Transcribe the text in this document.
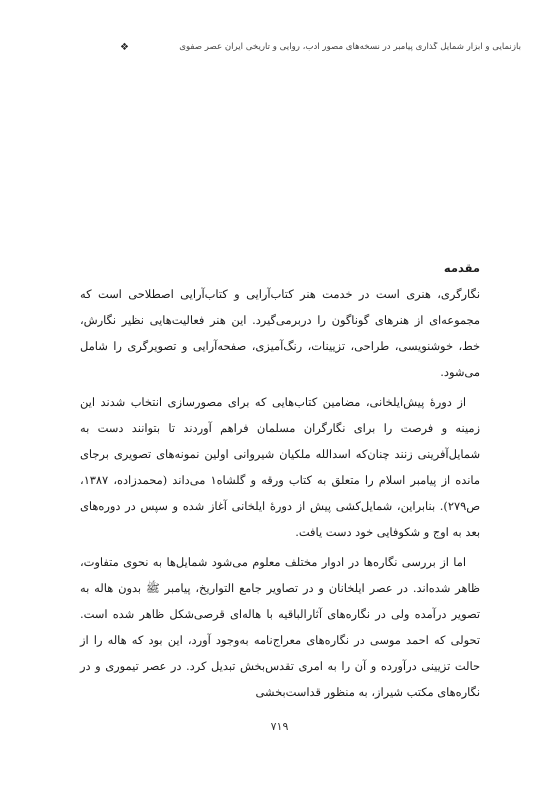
❖	بازنمایی و ابزار شمایل گذاری پیامبر در نسخه‌های مصور ادب، روایی و تاریخی ایران عصر صفوی
مقدمه

نگارگری، هنری است در خدمت هنر کتاب‌آرایی و کتاب‌آرایی اصطلاحی است که مجموعه‌ای از هنرهای گوناگون را دربرمی‌گیرد. این هنر فعالیت‌هایی نظیر نگارش، خط، خوشنویسی، طراحی، تزیینات، رنگ‌آمیزی، صفحه‌آرایی و تصویرگری را شامل می‌شود.

از دورهٔ پیش‌ایلخانی، مضامین کتاب‌هایی که برای مصورسازی انتخاب شدند این زمینه و فرصت را برای نگارگران مسلمان فراهم آوردند تا بتوانند دست به شمایل‌آفرینی زنند چنان‌که اسدالله ملکیان شیروانی اولین نمونه‌های تصویری برجای مانده از پیامبر اسلام را متعلق به کتاب ورقه و گلشاه۱ می‌داند (محمدزاده، ۱۳۸۷، ص۲۷۹). بنابراین، شمایل‌کشی پیش از دورهٔ ایلخانی آغاز شده و سپس در دوره‌های بعد به اوج و شکوفایی خود دست یافت.

اما از بررسی نگاره‌ها در ادوار مختلف معلوم می‌شود شمایل‌ها به نحوی متفاوت، ظاهر شده‌اند. در عصر ایلخانان و در تصاویر جامع التواریخ، پیامبر ﷺ بدون هاله به تصویر درآمده ولی در نگاره‌های آثارالباقیه با هاله‌ای قرصی‌شکل ظاهر شده است. تحولی که احمد موسی در نگاره‌های معراج‌نامه به‌وجود آورد، این بود که هاله را از حالت تزیینی درآورده و آن را به امری تقدس‌بخش تبدیل کرد. در عصر تیموری و در نگاره‌های مکتب شیراز، به منظور قداست‌بخشی

۷۱۹
